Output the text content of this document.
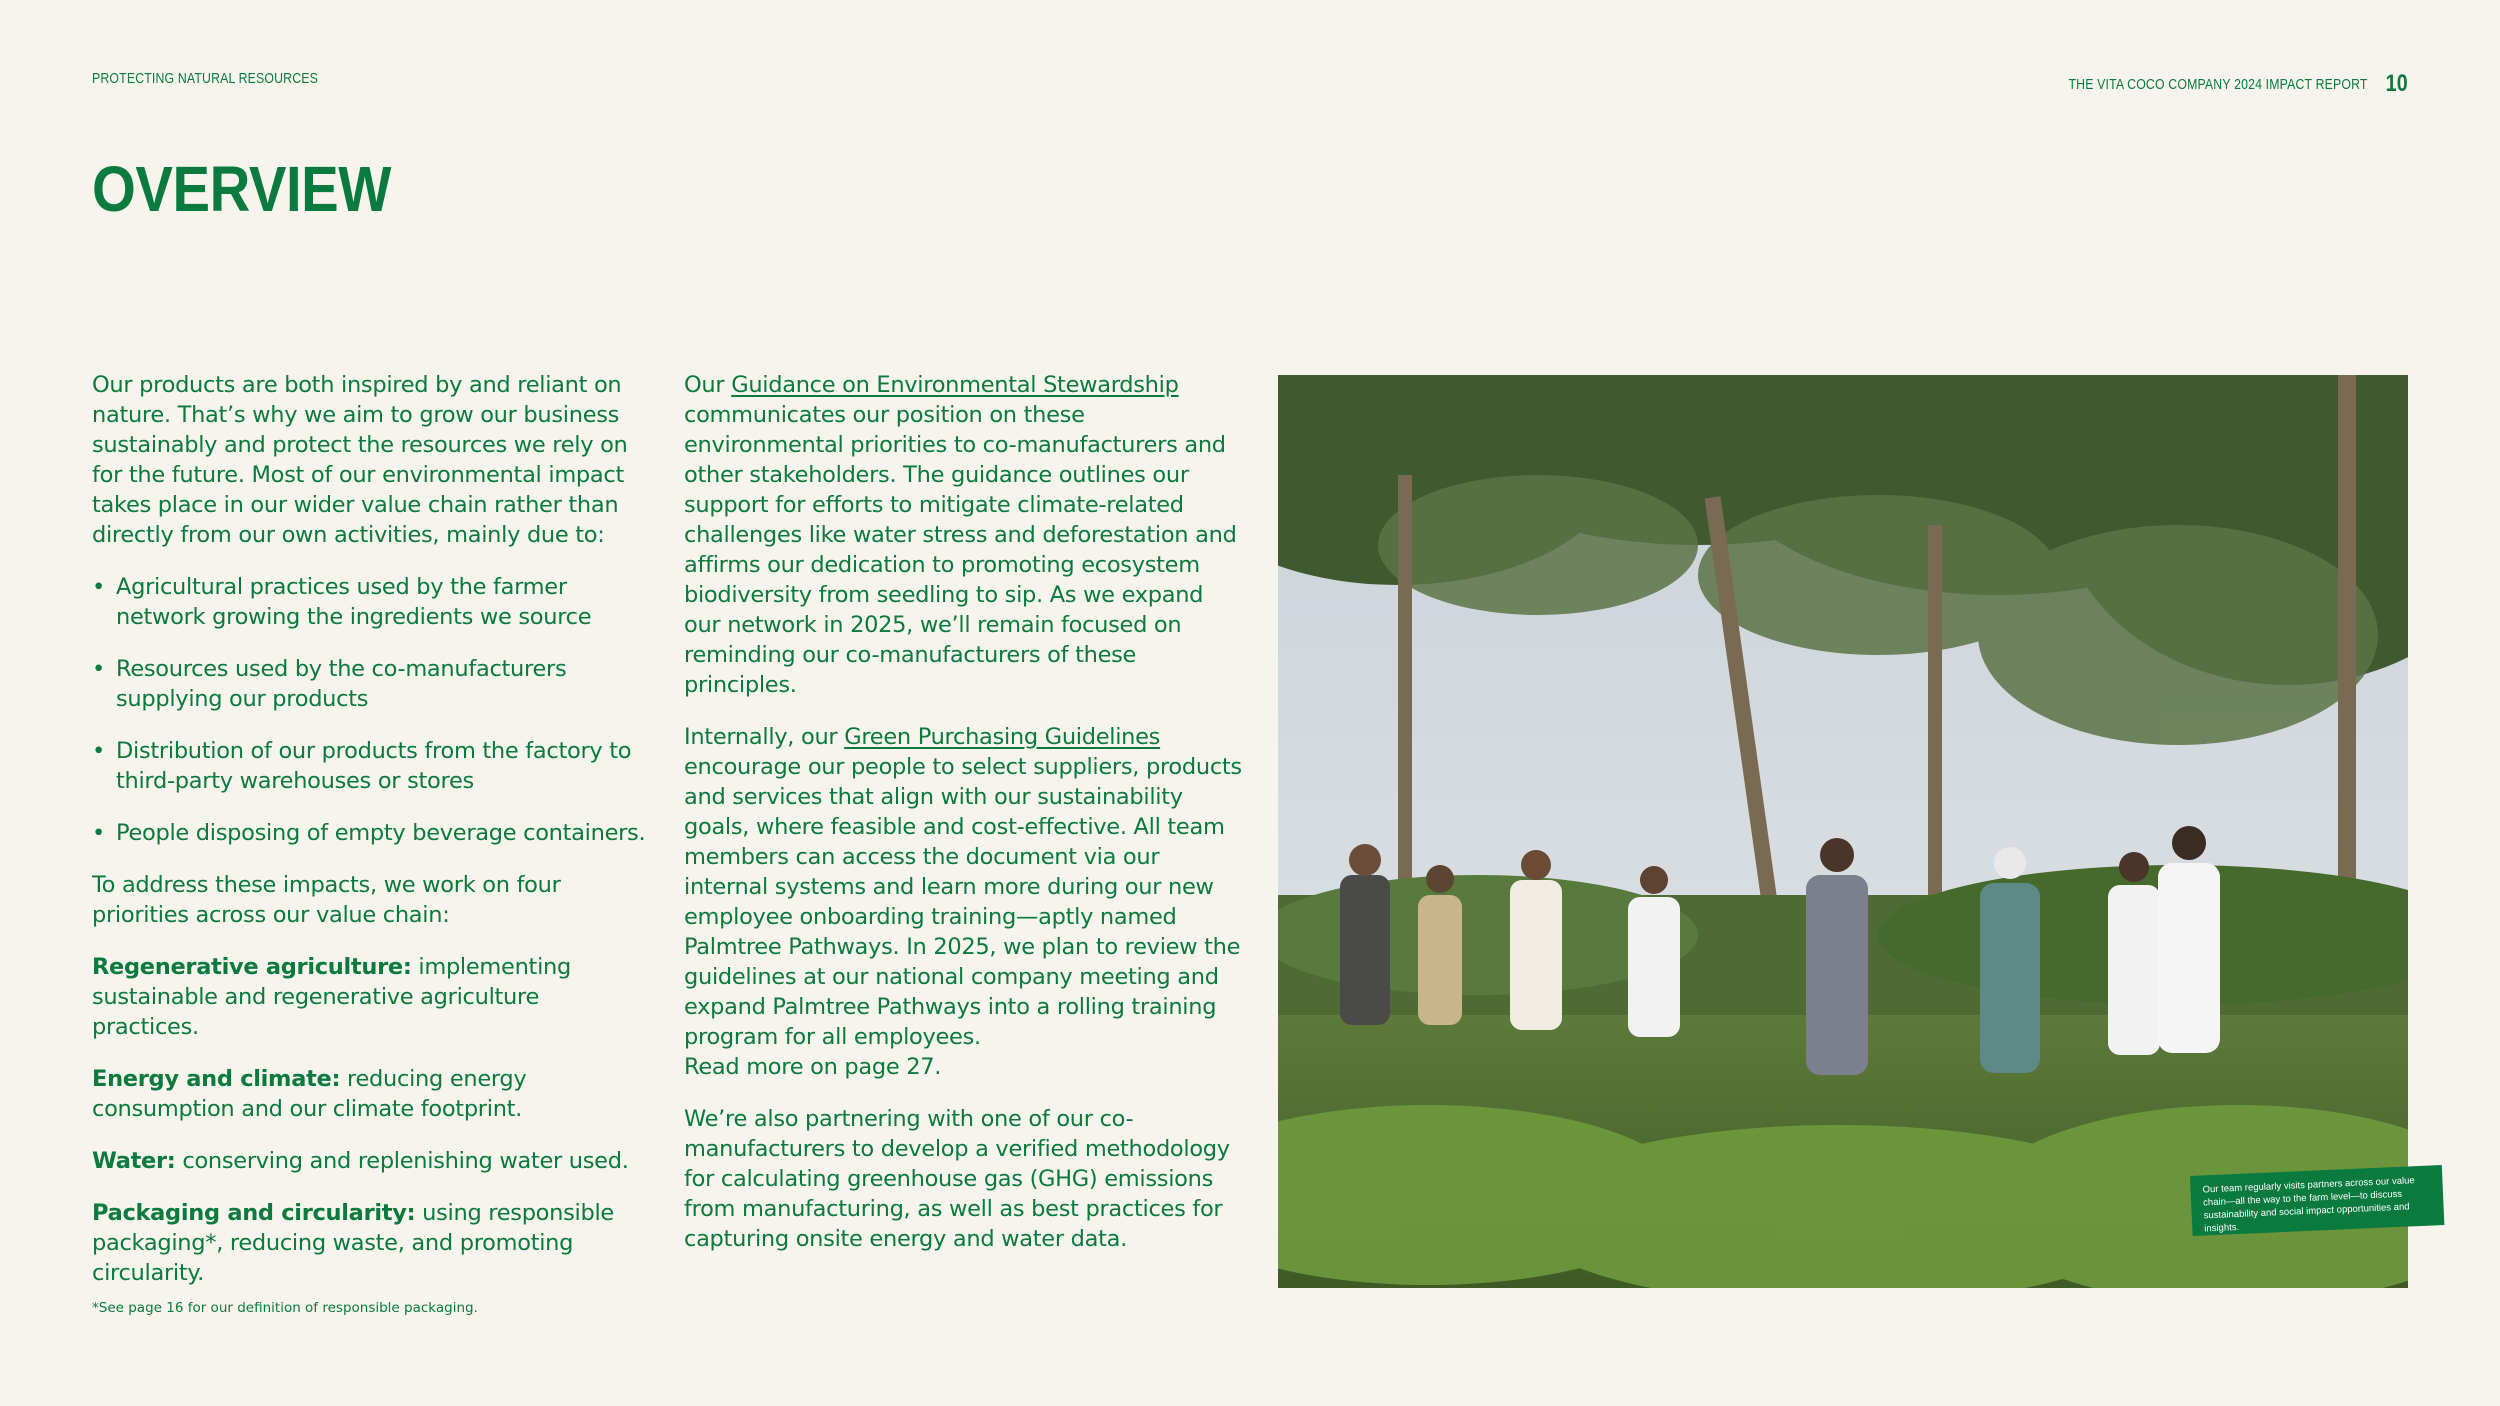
PROTECTING NATURAL RESOURCES	THE VITA COCO COMPANY 2024 IMPACT REPORT 10
OVERVIEW

Our products are both inspired by and reliant on nature. That’s why we aim to grow our business sustainably and protect the resources we rely on for the future. Most of our environmental impact takes place in our wider value chain rather than directly from our own activities, mainly due to:

• Agricultural practices used by the farmer network growing the ingredients we source
• Resources used by the co-manufacturers supplying our products
• Distribution of our products from the factory to third-party warehouses or stores
• People disposing of empty beverage containers.

To address these impacts, we work on four priorities across our value chain:

Regenerative agriculture: implementing sustainable and regenerative agriculture practices.

Energy and climate: reducing energy consumption and our climate footprint.

Water: conserving and replenishing water used.

Packaging and circularity: using responsible packaging*, reducing waste, and promoting circularity.

Our Guidance on Environmental Stewardship communicates our position on these environmental priorities to co-manufacturers and other stakeholders. The guidance outlines our support for efforts to mitigate climate-related challenges like water stress and deforestation and affirms our dedication to promoting ecosystem biodiversity from seedling to sip. As we expand our network in 2025, we’ll remain focused on reminding our co-manufacturers of these principles.

Internally, our Green Purchasing Guidelines encourage our people to select suppliers, products and services that align with our sustainability goals, where feasible and cost-effective. All team members can access the document via our internal systems and learn more during our new employee onboarding training—aptly named Palmtree Pathways. In 2025, we plan to review the guidelines at our national company meeting and expand Palmtree Pathways into a rolling training program for all employees.
Read more on page 27.

We’re also partnering with one of our co-manufacturers to develop a verified methodology for calculating greenhouse gas (GHG) emissions from manufacturing, as well as best practices for capturing onsite energy and water data.

*See page 16 for our definition of responsible packaging.
Our team regularly visits partners across our value chain—all the way to the farm level—to discuss sustainability and social impact opportunities and insights.
